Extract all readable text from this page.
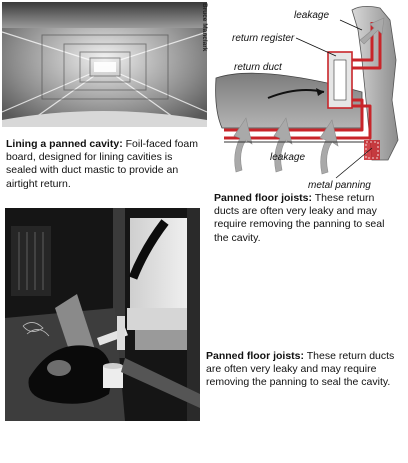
Bruce Manclark	leakage
return register
return duct
leakage
metal panning
Lining a panned cavity: Foil-faced foam board, designed for lining cavities is sealed with duct mastic to provide an airtight return.
Panned floor joists: These return ducts are often very leaky and may require removing the panning to seal the cavity.
Panned floor joists: These return ducts are often very leaky and may require removing the panning to seal the cavity.
